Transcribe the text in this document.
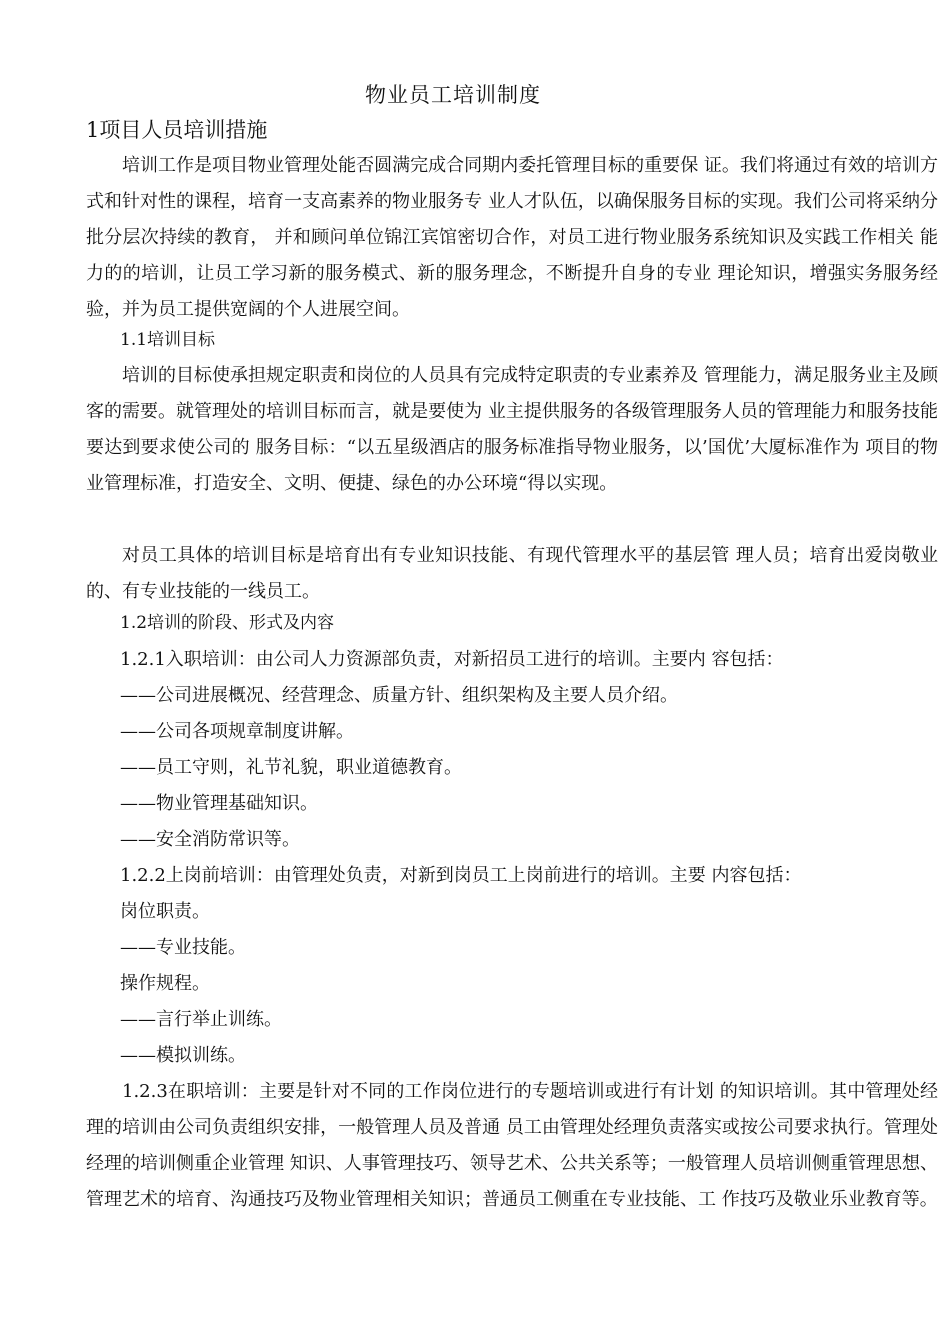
物业员工培训制度
1项目人员培训措施

培训工作是项目物业管理处能否圆满完成合同期内委托管理目标的重要保 证。我们将通过有效的培训方式和针对性的课程，培育一支高素养的物业服务专 业人才队伍，以确保服务目标的实现。我们公司将采纳分批分层次持续的教育， 并和顾问单位锦江宾馆密切合作，对员工进行物业服务系统知识及实践工作相关 能力的的培训，让员工学习新的服务模式、新的服务理念，不断提升自身的专业 理论知识，增强实务服务经验，并为员工提供宽阔的个人进展空间。

1.1培训目标

培训的目标使承担规定职责和岗位的人员具有完成特定职责的专业素养及 管理能力，满足服务业主及顾客的需要。就管理处的培训目标而言，就是要使为 业主提供服务的各级管理服务人员的管理能力和服务技能要达到要求使公司的 服务目标：“以五星级酒店的服务标准指导物业服务，以’国优’大厦标准作为 项目的物业管理标准，打造安全、文明、便捷、绿色的办公环境“得以实现。

对员工具体的培训目标是培育出有专业知识技能、有现代管理水平的基层管 理人员；培育出爱岗敬业的、有专业技能的一线员工。

1.2培训的阶段、形式及内容
1.2.1入职培训：由公司人力资源部负责，对新招员工进行的培训。主要内 容包括：
——公司进展概况、经营理念、质量方针、组织架构及主要人员介绍。
——公司各项规章制度讲解。
——员工守则，礼节礼貌，职业道德教育。
——物业管理基础知识。
——安全消防常识等。
1.2.2上岗前培训：由管理处负责，对新到岗员工上岗前进行的培训。主要 内容包括：
岗位职责。
——专业技能。
操作规程。
——言行举止训练。
——模拟训练。

1.2.3在职培训：主要是针对不同的工作岗位进行的专题培训或进行有计划 的知识培训。其中管理处经理的培训由公司负责组织安排，一般管理人员及普通 员工由管理处经理负责落实或按公司要求执行。管理处经理的培训侧重企业管理 知识、人事管理技巧、领导艺术、公共关系等；一般管理人员培训侧重管理思想、 管理艺术的培育、沟通技巧及物业管理相关知识；普通员工侧重在专业技能、工 作技巧及敬业乐业教育等。
